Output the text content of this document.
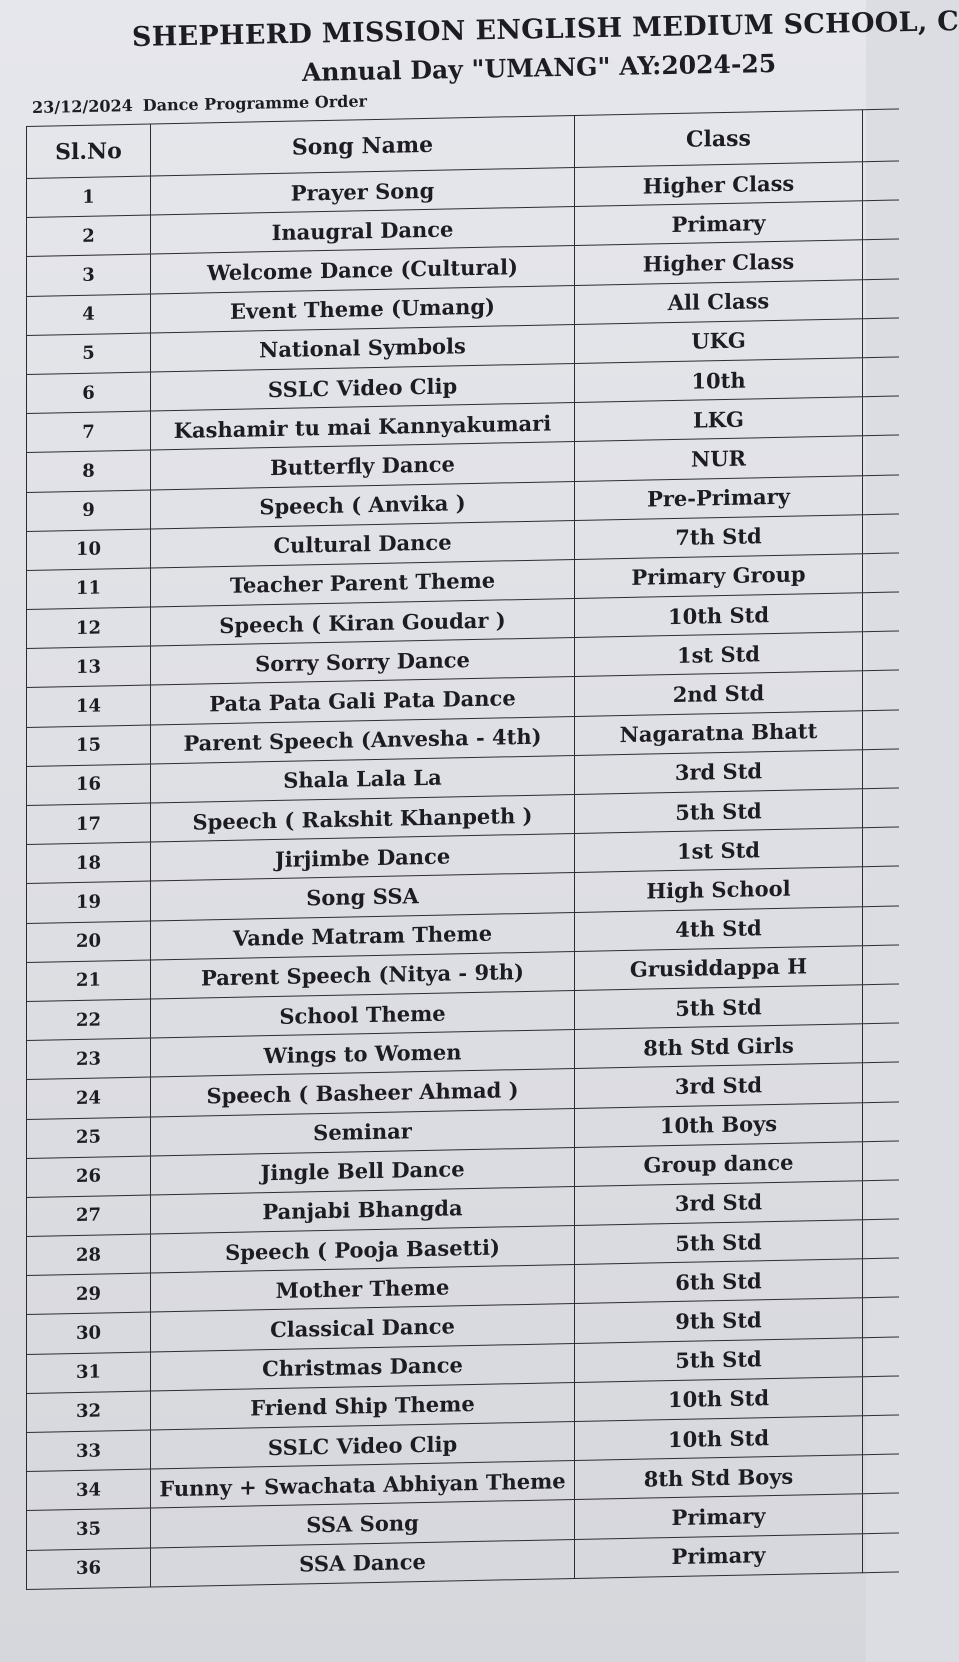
SHEPHERD MISSION ENGLISH MEDIUM SCHOOL, C
Annual Day "UMANG" AY:2024-25
23/12/2024 Dance Programme Order
Sl.No	Song Name	Class	
1	Prayer Song	Higher Class	
2	Inaugral Dance	Primary	
3	Welcome Dance (Cultural)	Higher Class	
4	Event Theme (Umang)	All Class	
5	National Symbols	UKG	
6	SSLC Video Clip	10th	
7	Kashamir tu mai Kannyakumari	LKG	
8	Butterfly Dance	NUR	
9	Speech ( Anvika )	Pre-Primary	
10	Cultural Dance	7th Std	
11	Teacher Parent Theme	Primary Group	
12	Speech ( Kiran Goudar )	10th Std	
13	Sorry Sorry Dance	1st Std	
14	Pata Pata Gali Pata Dance	2nd Std	
15	Parent Speech (Anvesha - 4th)	Nagaratna Bhatt	
16	Shala Lala La	3rd Std	
17	Speech ( Rakshit Khanpeth )	5th Std	
18	Jirjimbe Dance	1st Std	
19	Song SSA	High School	
20	Vande Matram Theme	4th Std	
21	Parent Speech (Nitya - 9th)	Grusiddappa H	
22	School Theme	5th Std	
23	Wings to Women	8th Std Girls	
24	Speech ( Basheer Ahmad )	3rd Std	
25	Seminar	10th Boys	
26	Jingle Bell Dance	Group dance	
27	Panjabi Bhangda	3rd Std	
28	Speech ( Pooja Basetti)	5th Std	
29	Mother Theme	6th Std	
30	Classical Dance	9th Std	
31	Christmas Dance	5th Std	
32	Friend Ship Theme	10th Std	
33	SSLC Video Clip	10th Std	
34	Funny + Swachata Abhiyan Theme	8th Std Boys	
35	SSA Song	Primary	
36	SSA Dance	Primary	
